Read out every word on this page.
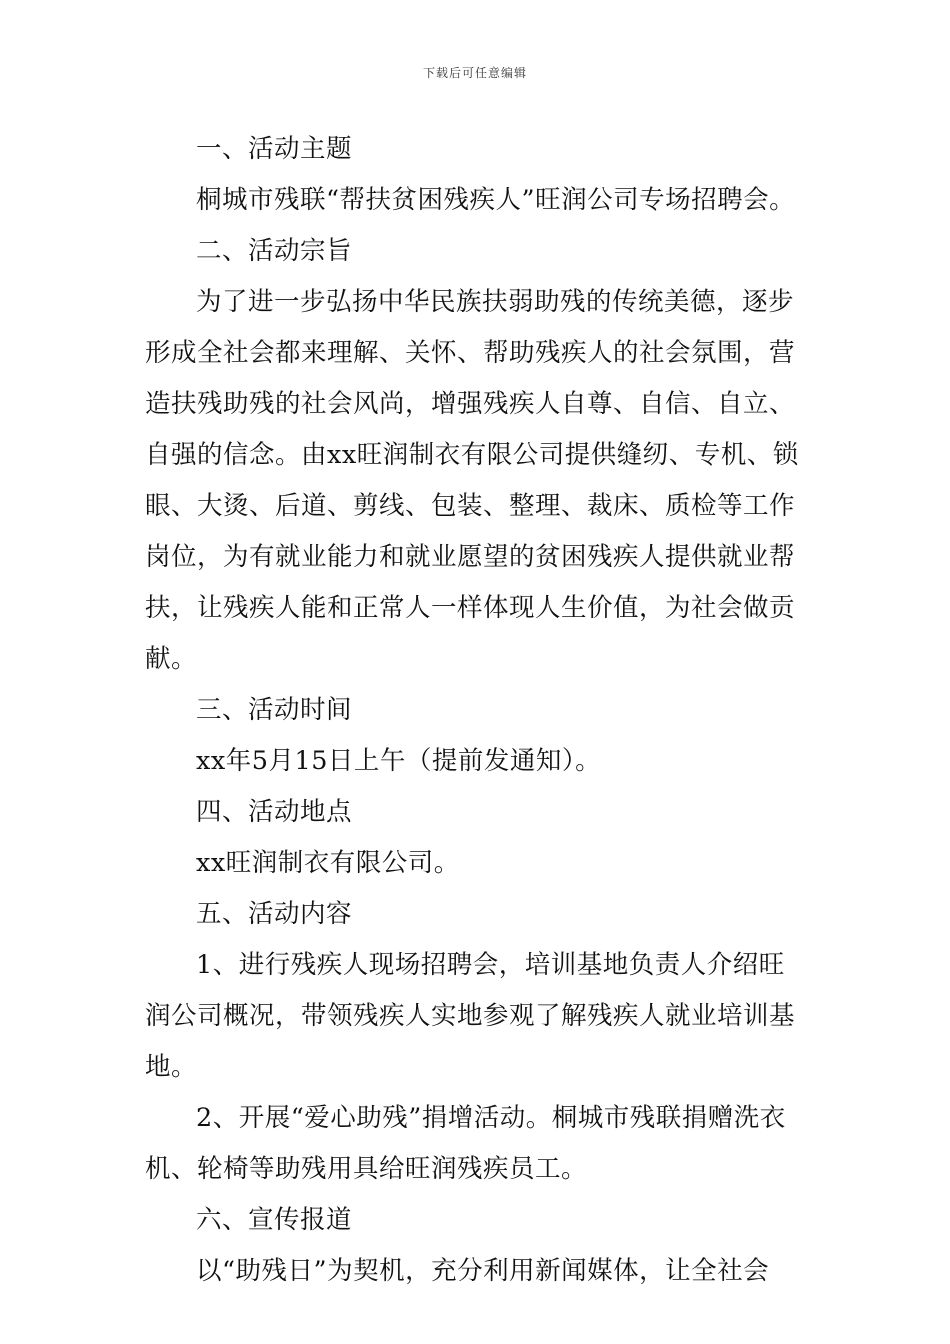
下载后可任意编辑

一、活动主题

桐城市残联“帮扶贫困残疾人”旺润公司专场招聘会。

二、活动宗旨

为了进一步弘扬中华民族扶弱助残的传统美德，逐步形成全社会都来理解、关怀、帮助残疾人的社会氛围，营造扶残助残的社会风尚，增强残疾人自尊、自信、自立、自强的信念。由xx旺润制衣有限公司提供缝纫、专机、锁眼、大烫、后道、剪线、包装、整理、裁床、质检等工作岗位，为有就业能力和就业愿望的贫困残疾人提供就业帮扶，让残疾人能和正常人一样体现人生价值，为社会做贡献。

三、活动时间

xx年5月15日上午（提前发通知）。

四、活动地点

xx旺润制衣有限公司。

五、活动内容

1、进行残疾人现场招聘会，培训基地负责人介绍旺润公司概况，带领残疾人实地参观了解残疾人就业培训基地。

2、开展“爱心助残”捐增活动。桐城市残联捐赠洗衣机、轮椅等助残用具给旺润残疾员工。

六、宣传报道

以“助残日”为契机，充分利用新闻媒体，让全社会
